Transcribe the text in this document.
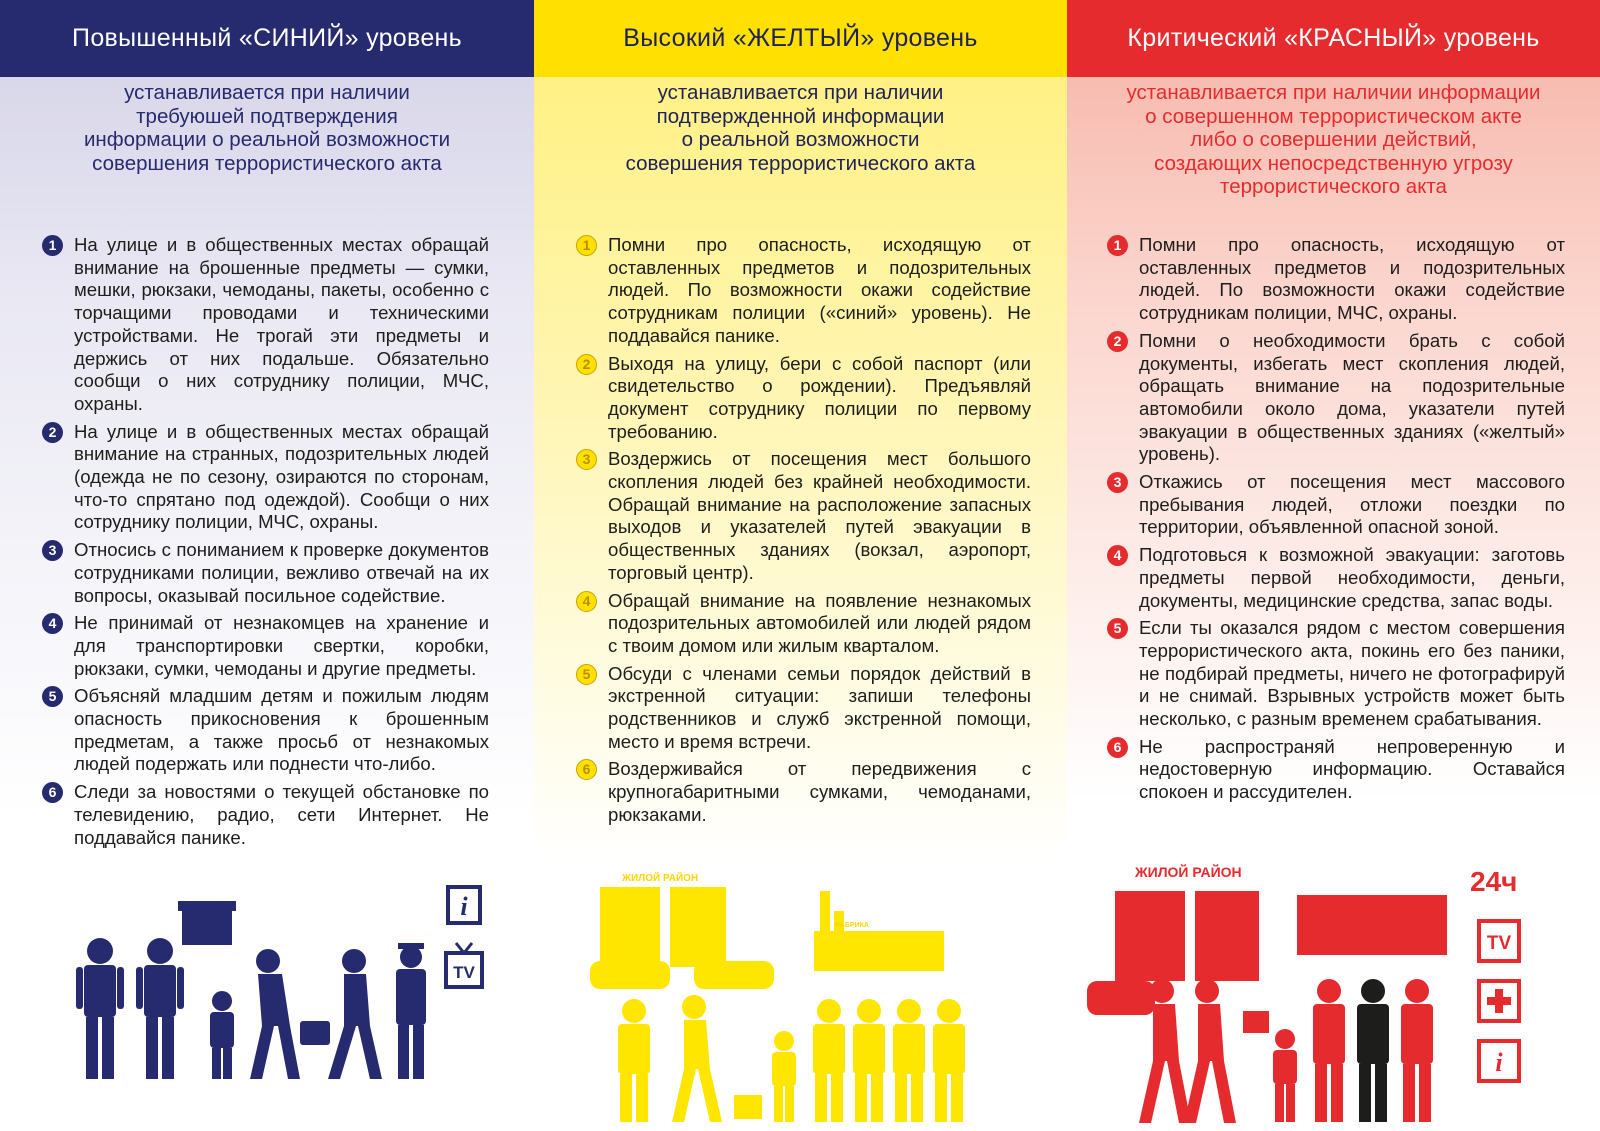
Повышенный «СИНИЙ» уровень
устанавливается при наличии
требуюшей подтверждения
информации о реальной возможности
совершения террористического акта
1 На улице и в общественных местах обращай внимание на брошенные предметы — сумки, мешки, рюкзаки, чемоданы, пакеты, особенно с торчащими проводами и техническими устройствами. Не трогай эти предметы и держись от них подальше. Обязательно сообщи о них сотруднику полиции, МЧС, охраны.
2 На улице и в общественных местах обращай внимание на странных, подозрительных людей (одежда не по сезону, озираются по сторонам, что-то спрятано под одеждой). Сообщи о них сотруднику полиции, МЧС, охраны.
3 Относись с пониманием к проверке документов сотрудниками полиции, вежливо отвечай на их вопросы, оказывай посильное содействие.
4 Не принимай от незнакомцев на хранение и для транспортировки свертки, коробки, рюкзаки, сумки, чемоданы и другие предметы.
5 Объясняй младшим детям и пожилым людям опасность прикосновения к брошенным предметам, а также просьб от незнакомых людей подержать или поднести что-либо.
6 Следи за новостями о текущей обстановке по телевидению, радио, сети Интернет. Не поддавайся панике.
i
TV
Высокий «ЖЕЛТЫЙ» уровень
устанавливается при наличии
подтвержденной информации
о реальной возможности
совершения террористического акта
1 Помни про опасность, исходящую от оставленных предметов и подозрительных людей. По возможности окажи содействие сотрудникам полиции («синий» уровень). Не поддавайся панике.
2 Выходя на улицу, бери с собой паспорт (или свидетельство о рождении). Предъявляй документ сотруднику полиции по первому требованию.
3 Воздержись от посещения мест большого скопления людей без крайней необходимости. Обращай внимание на расположение запасных выходов и указателей путей эвакуации в общественных зданиях (вокзал, аэропорт, торговый центр).
4 Обращай внимание на появление незнакомых подозрительных автомобилей или людей рядом с твоим домом или жилым кварталом.
5 Обсуди с членами семьи порядок действий в экстренной ситуации: запиши телефоны родственников и служб экстренной помощи, место и время встречи.
6 Воздерживайся от передвижения с крупногабаритными сумками, чемоданами, рюкзаками.
ЖИЛОЙ РАЙОН
ФАБРИКА
Критический «КРАСНЫЙ» уровень
устанавливается при наличии информации
о совершенном террористическом акте
либо о совершении действий,
создающих непосредственную угрозу
террористического акта
1 Помни про опасность, исходящую от оставленных предметов и подозрительных людей. По возможности окажи содействие сотрудникам полиции, МЧС, охраны.
2 Помни о необходимости брать с собой документы, избегать мест скопления людей, обращать внимание на подозрительные автомобили около дома, указатели путей эвакуации в общественных зданиях («желтый» уровень).
3 Откажись от посещения мест массового пребывания людей, отложи поездки по территории, объявленной опасной зоной.
4 Подготовься к возможной эвакуации: заготовь предметы первой необходимости, деньги, документы, медицинские средства, запас воды.
5 Если ты оказался рядом с местом совершения террористического акта, покинь его без паники, не подбирай предметы, ничего не фотографируй и не снимай. Взрывных устройств может быть несколько, с разным временем срабатывания.
6 Не распространяй непроверенную и недостоверную информацию. Оставайся спокоен и рассудителен.
ЖИЛОЙ РАЙОН	24ч
TV
i
